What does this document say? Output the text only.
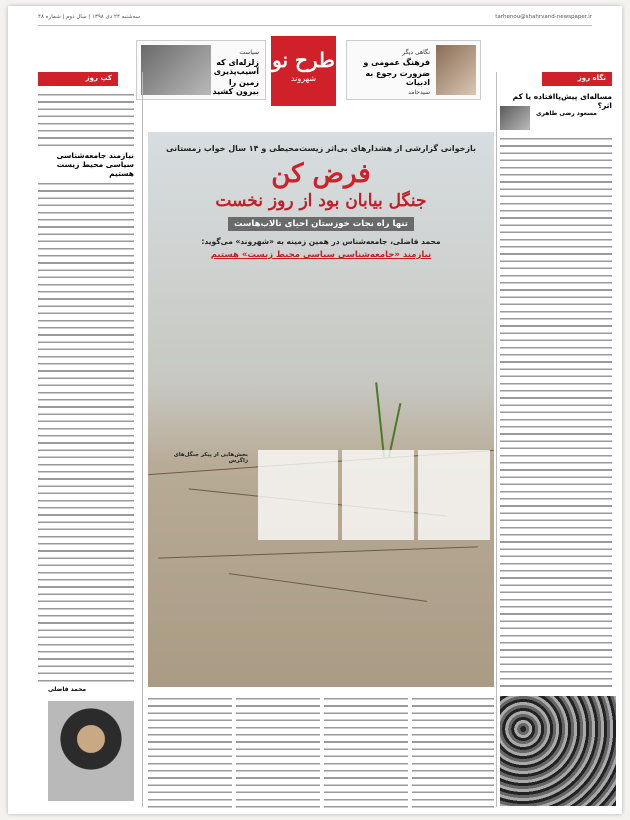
tarhenou@shahrvand-newspaper.ir
سه‌شنبه ۲۴ دی ۱۳۹۸ | سال دوم | شماره ۴۸
سیاست
زلزله‌ای که آسیب‌پذیری
زمین را بیرون کشید
طرح نو
شهروند
نگاهی دیگر
فرهنگ عمومی و
ضرورت رجوع به ادبیات
سیدحامد
کپ روز
نیازمند جامعه‌شناسی سیاسی محیط زیست هستیم
محمد فاضلی
نگاه روز
مساله‌ای پیش‌پاافتاده یا کم اثر؟
مسعود رضی طاهری
بازخوانی گزارشی از هشدارهای بی‌اثر زیست‌محیطی و ۱۴ سال خواب زمستانی
فرض کن
جنگل بیابان بود از روز نخست
تنها راه نجات خوزستان احیای تالاب‌هاست
محمد فاضلی، جامعه‌شناس در همین زمینه به «شهروند» می‌گوید:
نیازمند «جامعه‌شناسی سیاسی محیط زیست» هستیم
بخش‌هایی از پیکر جنگل‌های زاگرس
